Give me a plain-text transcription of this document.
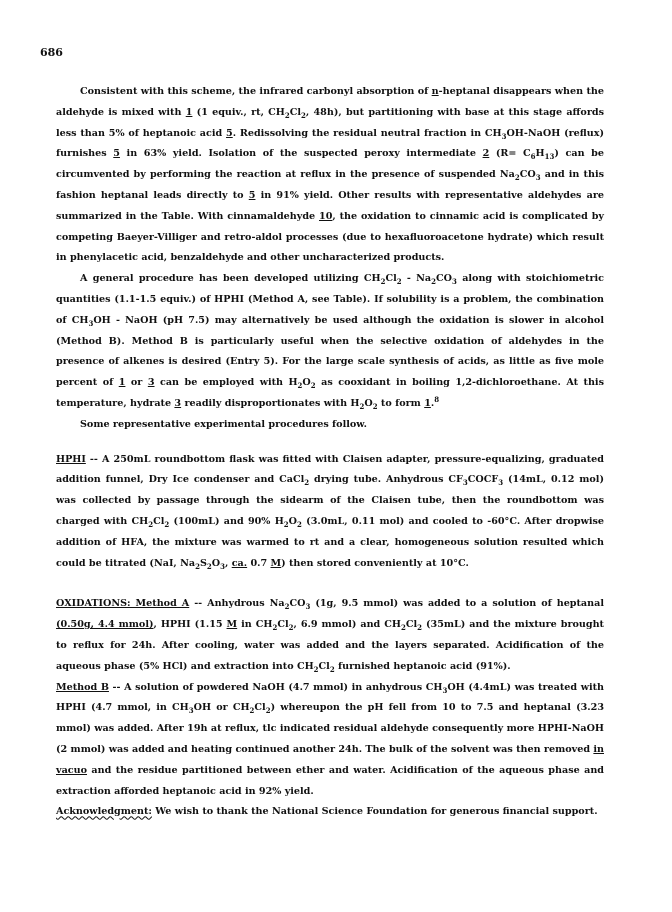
686

Consistent with this scheme, the infrared carbonyl absorption of n-heptanal disappears when the aldehyde is mixed with 1 (1 equiv., rt, $CH_2Cl_2$, 48h), but partitioning with base at this stage affords less than 5% of heptanoic acid 5. Redissolving the residual neutral fraction in $CH_3OH$-NaOH (reflux) furnishes 5 in 63% yield. Isolation of the suspected peroxy intermediate 2 $(R= C_6H_{13})$ can be circumvented by performing the reaction at reflux in the presence of suspended $Na_2CO_3$ and in this fashion heptanal leads directly to 5 in 91% yield. Other results with representative aldehydes are summarized in the Table. With cinnamaldehyde 10, the oxidation to cinnamic acid is complicated by competing Baeyer-Villiger and retro-aldol processes (due to hexafluoroacetone hydrate) which result in phenylacetic acid, benzaldehyde and other uncharacterized products.

A general procedure has been developed utilizing $CH_2Cl_2 - Na_2CO_3$ along with stoichiometric quantities (1.1-1.5 equiv.) of HPHI (Method A, see Table). If solubility is a problem, the combination of $CH_3OH$ - NaOH (pH 7.5) may alternatively be used although the oxidation is slower in alcohol (Method B). Method B is particularly useful when the selective oxidation of aldehydes in the presence of alkenes is desired (Entry 5). For the large scale synthesis of acids, as little as five mole percent of 1 or 3 can be employed with $H_2O_2$ as cooxidant in boiling 1,2-dichloroethane. At this temperature, hydrate 3 readily disproportionates with $H_2O_2$ to form 1.$^8$

Some representative experimental procedures follow.

HPHI -- A 250mL roundbottom flask was fitted with Claisen adapter, pressure-equalizing, graduated addition funnel, Dry Ice condenser and CaCl$_2$ drying tube. Anhydrous $CF_3COCF_3$ (14mL, 0.12 mol) was collected by passage through the sidearm of the Claisen tube, then the roundbottom was charged with $CH_2Cl_2$ (100mL) and 90% $H_2O_2$ (3.0mL, 0.11 mol) and cooled to -60°C. After dropwise addition of HFA, the mixture was warmed to rt and a clear, homogeneous solution resulted which could be titrated (NaI, $Na_2S_2O_3$, ca. 0.7 M) then stored conveniently at 10°C.

OXIDATIONS: Method A -- Anhydrous $Na_2CO_3$ (1g, 9.5 mmol) was added to a solution of heptanal (0.50g, 4.4 mmol), HPHI (1.15 M in $CH_2Cl_2$, 6.9 mmol) and $CH_2Cl_2$ (35mL) and the mixture brought to reflux for 24h. After cooling, water was added and the layers separated. Acidification of the aqueous phase (5% HCl) and extraction into $CH_2Cl_2$ furnished heptanoic acid (91%).

Method B -- A solution of powdered NaOH (4.7 mmol) in anhydrous $CH_3OH$ (4.4mL) was treated with HPHI (4.7 mmol, in $CH_3OH$ or $CH_2Cl_2$) whereupon the pH fell from 10 to 7.5 and heptanal (3.23 mmol) was added. After 19h at reflux, tlc indicated residual aldehyde consequently more HPHI-NaOH (2 mmol) was added and heating continued another 24h. The bulk of the solvent was then removed in vacuo and the residue partitioned between ether and water. Acidification of the aqueous phase and extraction afforded heptanoic acid in 92% yield.

Acknowledgment: We wish to thank the National Science Foundation for generous financial support.
